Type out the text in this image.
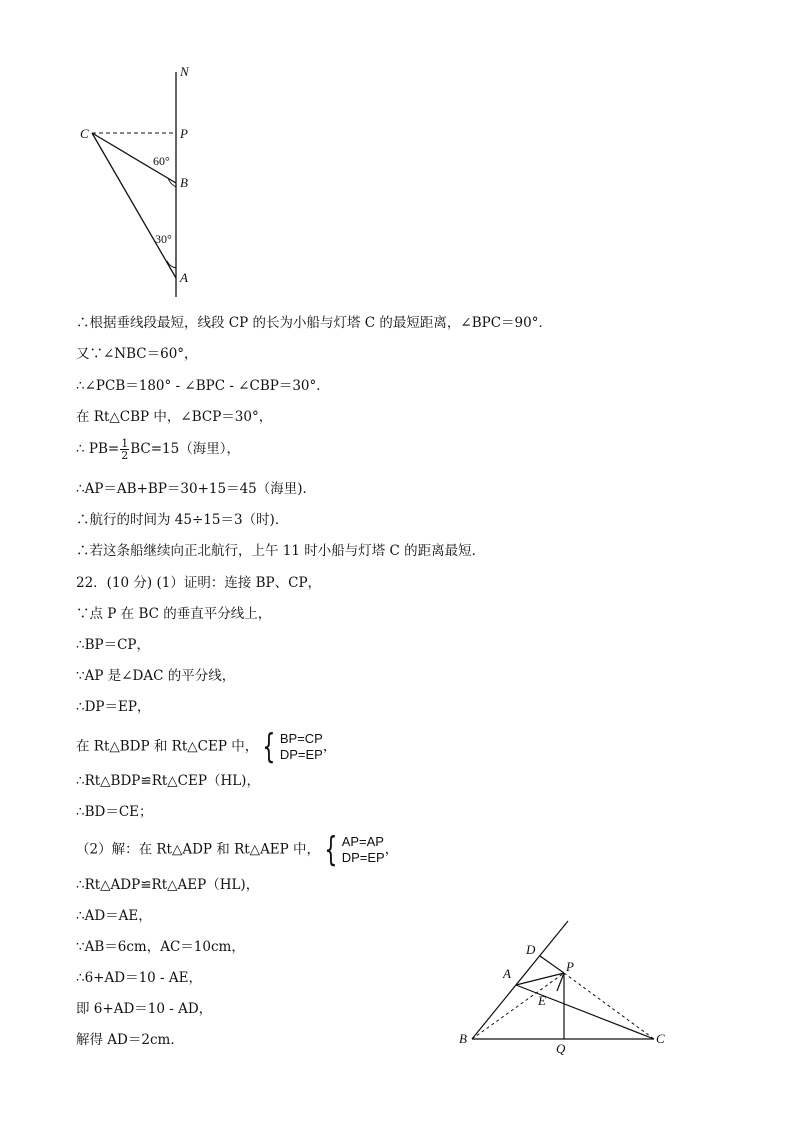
N
C	P
B
A
60°
30°
∴根据垂线段最短，线段 CP 的长为小船与灯塔 C 的最短距离，∠BPC＝90°．
又∵∠NBC＝60°，
∴∠PCB＝180° - ∠BPC - ∠CBP＝30°．
在 Rt△CBP 中，∠BCP＝30°，
∴ $PB= \frac{1}{2} BC=15$（海里），
∴AP＝AB+BP＝30+15＝45（海里)．
∴航行的时间为 45÷15＝3（时)．
∴若这条船继续向正北航行，上午 11 时小船与灯塔 C 的距离最短．
22．(10 分) (1）证明：连接 BP、CP，
∵点 P 在 BC 的垂直平分线上，
∴BP＝CP，
∵AP 是∠DAC 的平分线，
∴DP＝EP，
在 Rt△BDP 和 Rt△CEP 中， { BP=CP
DP=EP ，
∴Rt△BDP≌Rt△CEP（HL)，
∴BD＝CE；
（2）解：在 Rt△ADP 和 Rt△AEP 中， { AP=AP
DP=EP ，
∴Rt△ADP≌Rt△AEP（HL)，
∴AD＝AE，
∵AB＝6cm，AC＝10cm，
∴6+AD＝10 - AE，
即 6+AD＝10 - AD，
解得 AD＝2cm．
D
A	P
E
B
Q
C
